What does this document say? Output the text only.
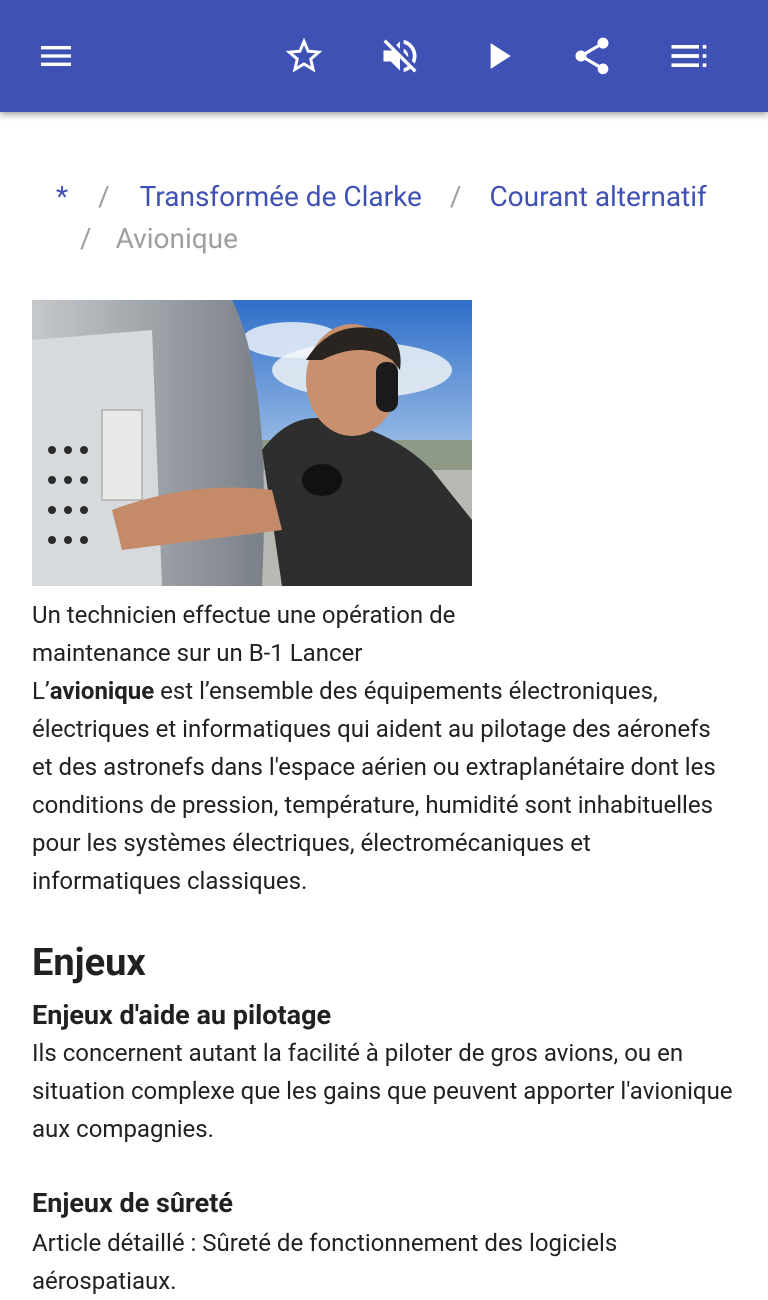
* / Transformée de Clarke / Courant alternatif
/ Avionique
Un technicien effectue une opération de maintenance sur un B-1 Lancer
L’avionique est l’ensemble des équipements électroniques, électriques et informatiques qui aident au pilotage des aéronefs et des astronefs dans l'espace aérien ou extraplanétaire dont les conditions de pression, température, humidité sont inhabituelles pour les systèmes électriques, électromécaniques et informatiques classiques.
Enjeux
Enjeux d'aide au pilotage
Ils concernent autant la facilité à piloter de gros avions, ou en situation complexe que les gains que peuvent apporter l'avionique aux compagnies.
Enjeux de sûreté
Article détaillé : Sûreté de fonctionnement des logiciels aérospatiaux.
